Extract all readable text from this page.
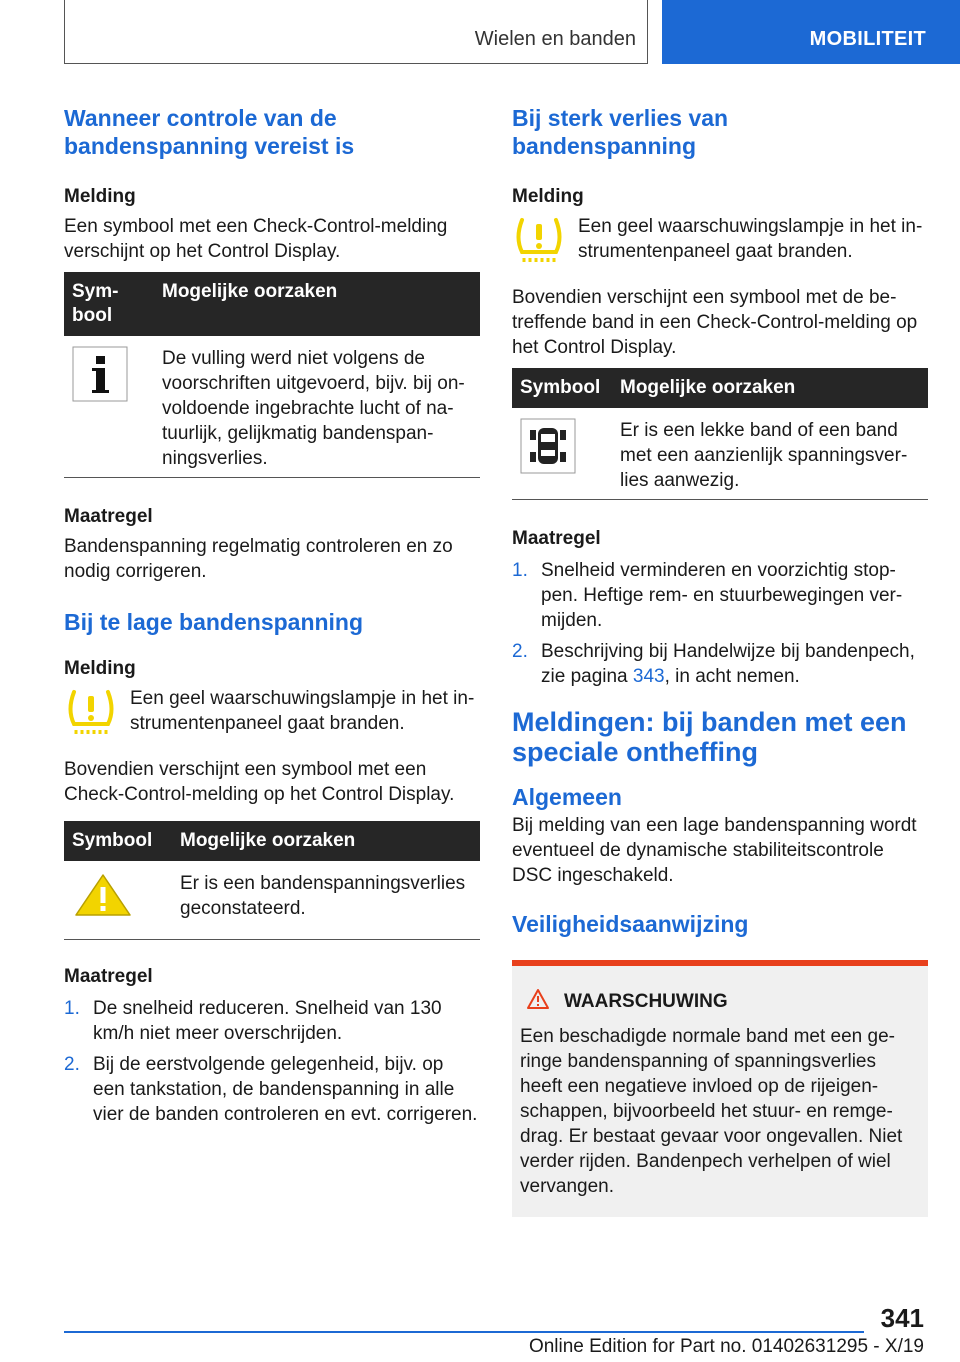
Wielen en banden	MOBILITEIT
Wanneer controle van de bandenspanning vereist is
Melding

Een symbool met een Check-Control-melding verschijnt op het Control Display.

Sym- bool	Mogelijke oorzaken
	De vulling werd niet volgens de voorschriften uitgevoerd, bijv. bij on- voldoende ingebrachte lucht of na- tuurlijk, gelijkmatig bandenspan- ningsverlies.
Maatregel

Bandenspanning regelmatig controleren en zo nodig corrigeren.

Bij te lage bandenspanning
Melding

Een geel waarschuwingslampje in het in- strumentenpaneel gaat branden.

Bovendien verschijnt een symbool met een Check-Control-melding op het Control Display.

Symbool	Mogelijke oorzaken
	Er is een bandenspanningsverlies geconstateerd.
Maatregel
1. De snelheid reduceren. Snelheid van 130 km/h niet meer overschrijden.
2. Bij de eerstvolgende gelegenheid, bijv. op een tankstation, de bandenspanning in alle vier de banden controleren en evt. corrigeren.
Bij sterk verlies van bandenspanning
Melding

Een geel waarschuwingslampje in het in- strumentenpaneel gaat branden.

Bovendien verschijnt een symbool met de be- treffende band in een Check-Control-melding op het Control Display.

Symbool	Mogelijke oorzaken
	Er is een lekke band of een band met een aanzienlijk spanningsver- lies aanwezig.
Maatregel
1. Snelheid verminderen en voorzichtig stop- pen. Heftige rem- en stuurbewegingen ver- mijden.
2. Beschrijving bij Handelwijze bij bandenpech, zie pagina 343, in acht nemen.
Meldingen: bij banden met een speciale ontheffing
Algemeen

Bij melding van een lage bandenspanning wordt eventueel de dynamische stabiliteitscontrole DSC ingeschakeld.

Veiligheidsaanwijzing
WAARSCHUWING

Een beschadigde normale band met een ge- ringe bandenspanning of spanningsverlies heeft een negatieve invloed op de rijeigen- schappen, bijvoorbeeld het stuur- en remge- drag. Er bestaat gevaar voor ongevallen. Niet verder rijden. Bandenpech verhelpen of wiel vervangen.

341
Online Edition for Part no. 01402631295 - X/19
